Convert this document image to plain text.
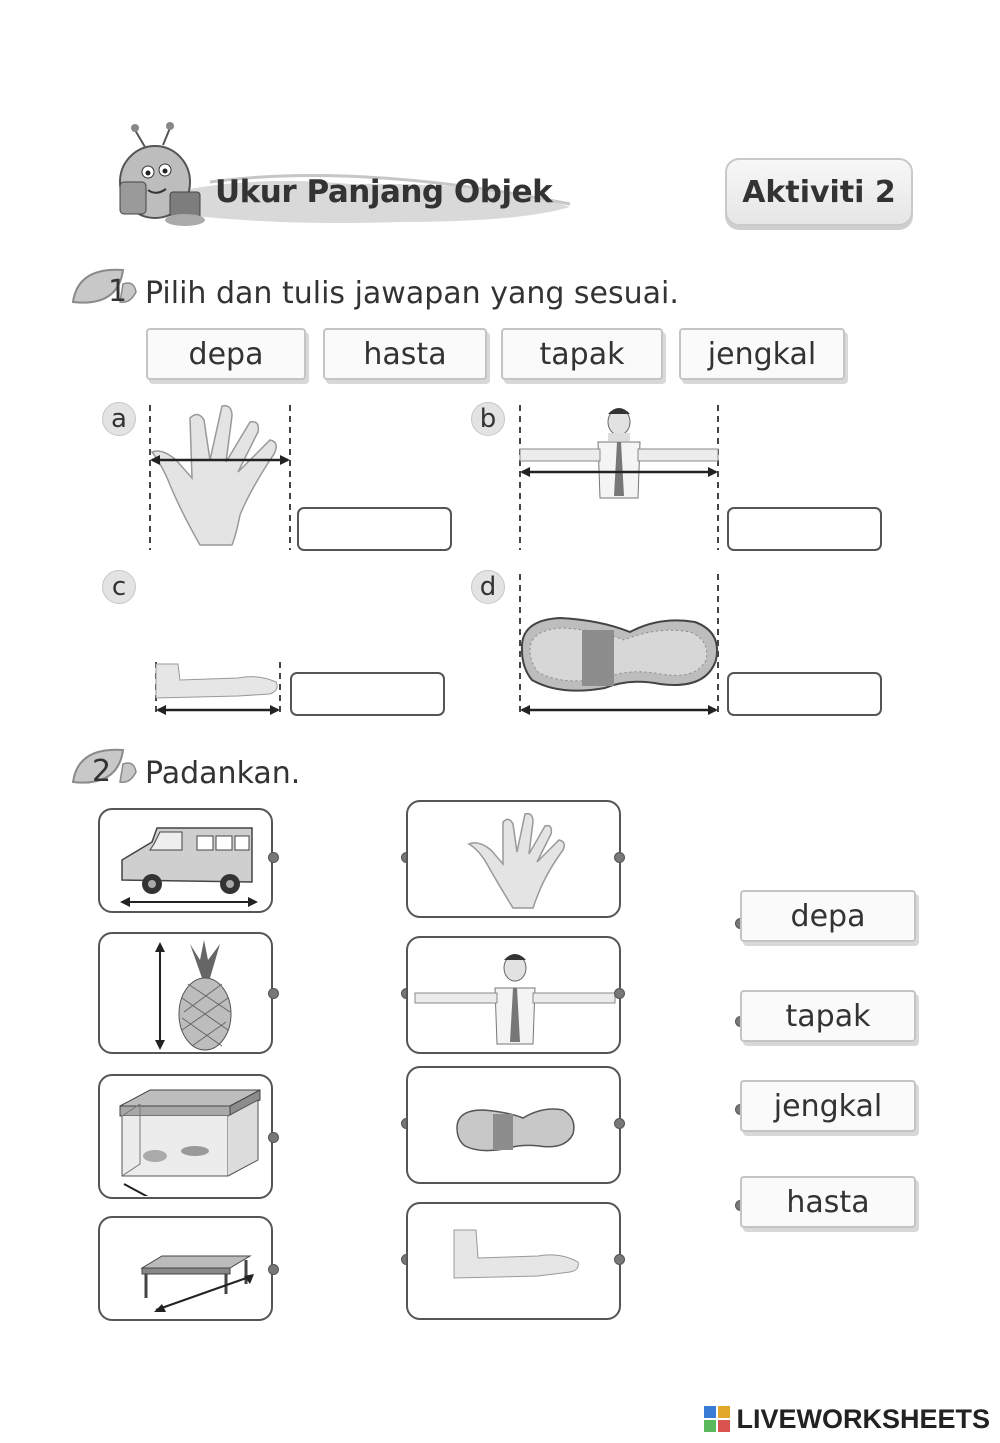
Ukur Panjang Objek	Aktiviti 2
1 Pilih dan tulis jawapan yang sesuai.
depa	hasta	tapak	jengkal
a	b
c	d
2 Padankan.
depa
tapak
jengkal
hasta
LIVEWORKSHEETS
